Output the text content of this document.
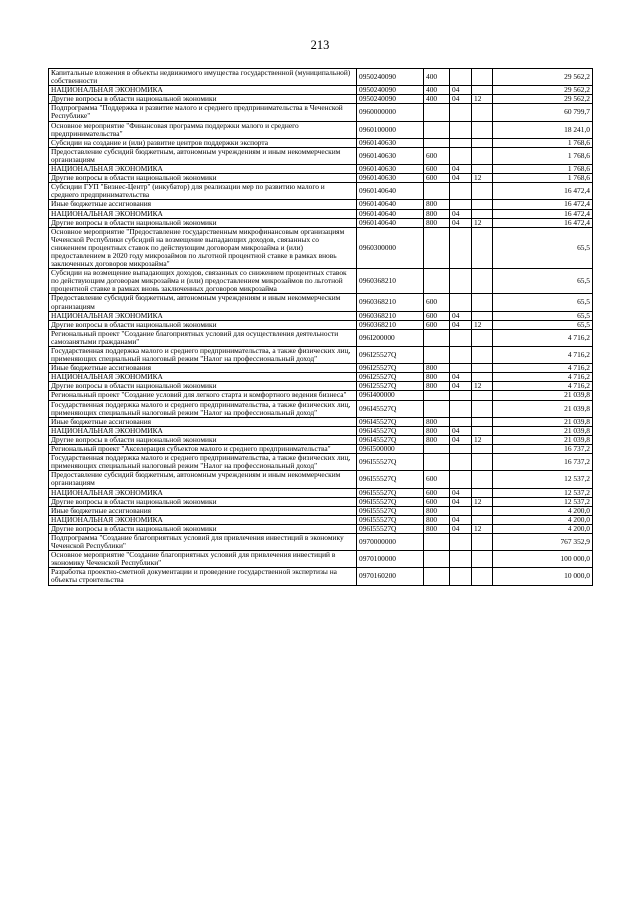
213
Капитальные вложения в объекты недвижимого имущества государственной (муниципальной) собственности	0950240090	400			29 562,2
НАЦИОНАЛЬНАЯ ЭКОНОМИКА	0950240090	400	04		29 562,2
Другие вопросы в области национальной экономики	0950240090	400	04	12	29 562,2
Подпрограмма "Поддержка и развитие малого и среднего предпринимательства в Чеченской Республике"	0960000000				60 799,7
Основное мероприятие "Финансовая программа поддержки малого и среднего предпринимательства"	0960100000				18 241,0
Субсидии на создание и (или) развитие центров поддержки экспорта	0960140630				1 768,6
Предоставление субсидий бюджетным, автономным учреждениям и иным некоммерческим организациям	0960140630	600			1 768,6
НАЦИОНАЛЬНАЯ ЭКОНОМИКА	0960140630	600	04		1 768,6
Другие вопросы в области национальной экономики	0960140630	600	04	12	1 768,6
Субсидии ГУП "Бизнес-Центр" (инкубатор) для реализации мер по развитию малого и среднего предпринимательства	0960140640				16 472,4
Иные бюджетные ассигнования	0960140640	800			16 472,4
НАЦИОНАЛЬНАЯ ЭКОНОМИКА	0960140640	800	04		16 472,4
Другие вопросы в области национальной экономики	0960140640	800	04	12	16 472,4
Основное мероприятие "Предоставление государственным микрофинансовым организациям Чеченской Республики субсидий на возмещение выпадающих доходов, связанных со снижением процентных ставок по действующим договорам микрозайма и (или) предоставлением в 2020 году микрозаймов по льготной процентной ставке в рамках вновь заключенных договоров микрозайма"	0960300000				65,5
Субсидии на возмещение выпадающих доходов, связанных со снижением процентных ставок по действующим договорам микрозайма и (или) предоставлением микрозаймов по льготной процентной ставке в рамках вновь заключенных договоров микрозайма	0960368210				65,5
Предоставление субсидий бюджетным, автономным учреждениям и иным некоммерческим организациям	0960368210	600			65,5
НАЦИОНАЛЬНАЯ ЭКОНОМИКА	0960368210	600	04		65,5
Другие вопросы в области национальной экономики	0960368210	600	04	12	65,5
Региональный проект "Создание благоприятных условий для осуществления деятельности самозанятыми гражданами"	096I200000				4 716,2
Государственная поддержка малого и среднего предпринимательства, а также физических лиц, применяющих специальный налоговый режим "Налог на профессиональный доход"	096I25527Q				4 716,2
Иные бюджетные ассигнования	096I25527Q	800			4 716,2
НАЦИОНАЛЬНАЯ ЭКОНОМИКА	096I25527Q	800	04		4 716,2
Другие вопросы в области национальной экономики	096I25527Q	800	04	12	4 716,2
Региональный проект "Создание условий для легкого старта и комфортного ведения бизнеса"	096I400000				21 039,8
Государственная поддержка малого и среднего предпринимательства, а также физических лиц, применяющих специальный налоговый режим "Налог на профессиональный доход"	096I45527Q				21 039,8
Иные бюджетные ассигнования	096I45527Q	800			21 039,8
НАЦИОНАЛЬНАЯ ЭКОНОМИКА	096I45527Q	800	04		21 039,8
Другие вопросы в области национальной экономики	096I45527Q	800	04	12	21 039,8
Региональный проект "Акселерация субъектов малого и среднего предпринимательства"	096I500000				16 737,2
Государственная поддержка малого и среднего предпринимательства, а также физических лиц, применяющих специальный налоговый режим "Налог на профессиональный доход"	096I55527Q				16 737,2
Предоставление субсидий бюджетным, автономным учреждениям и иным некоммерческим организациям	096I55527Q	600			12 537,2
НАЦИОНАЛЬНАЯ ЭКОНОМИКА	096I55527Q	600	04		12 537,2
Другие вопросы в области национальной экономики	096I55527Q	600	04	12	12 537,2
Иные бюджетные ассигнования	096I55527Q	800			4 200,0
НАЦИОНАЛЬНАЯ ЭКОНОМИКА	096I55527Q	800	04		4 200,0
Другие вопросы в области национальной экономики	096I55527Q	800	04	12	4 200,0
Подпрограмма "Создание благоприятных условий для привлечения инвестиций в экономику Чеченской Республики"	0970000000				767 352,9
Основное мероприятие "Создание благоприятных условий для привлечения инвестиций в экономику Чеченской Республики"	0970100000				100 000,0
Разработка проектно-сметной документации и проведение государственной экспертизы на объекты строительства	0970160200				10 000,0
